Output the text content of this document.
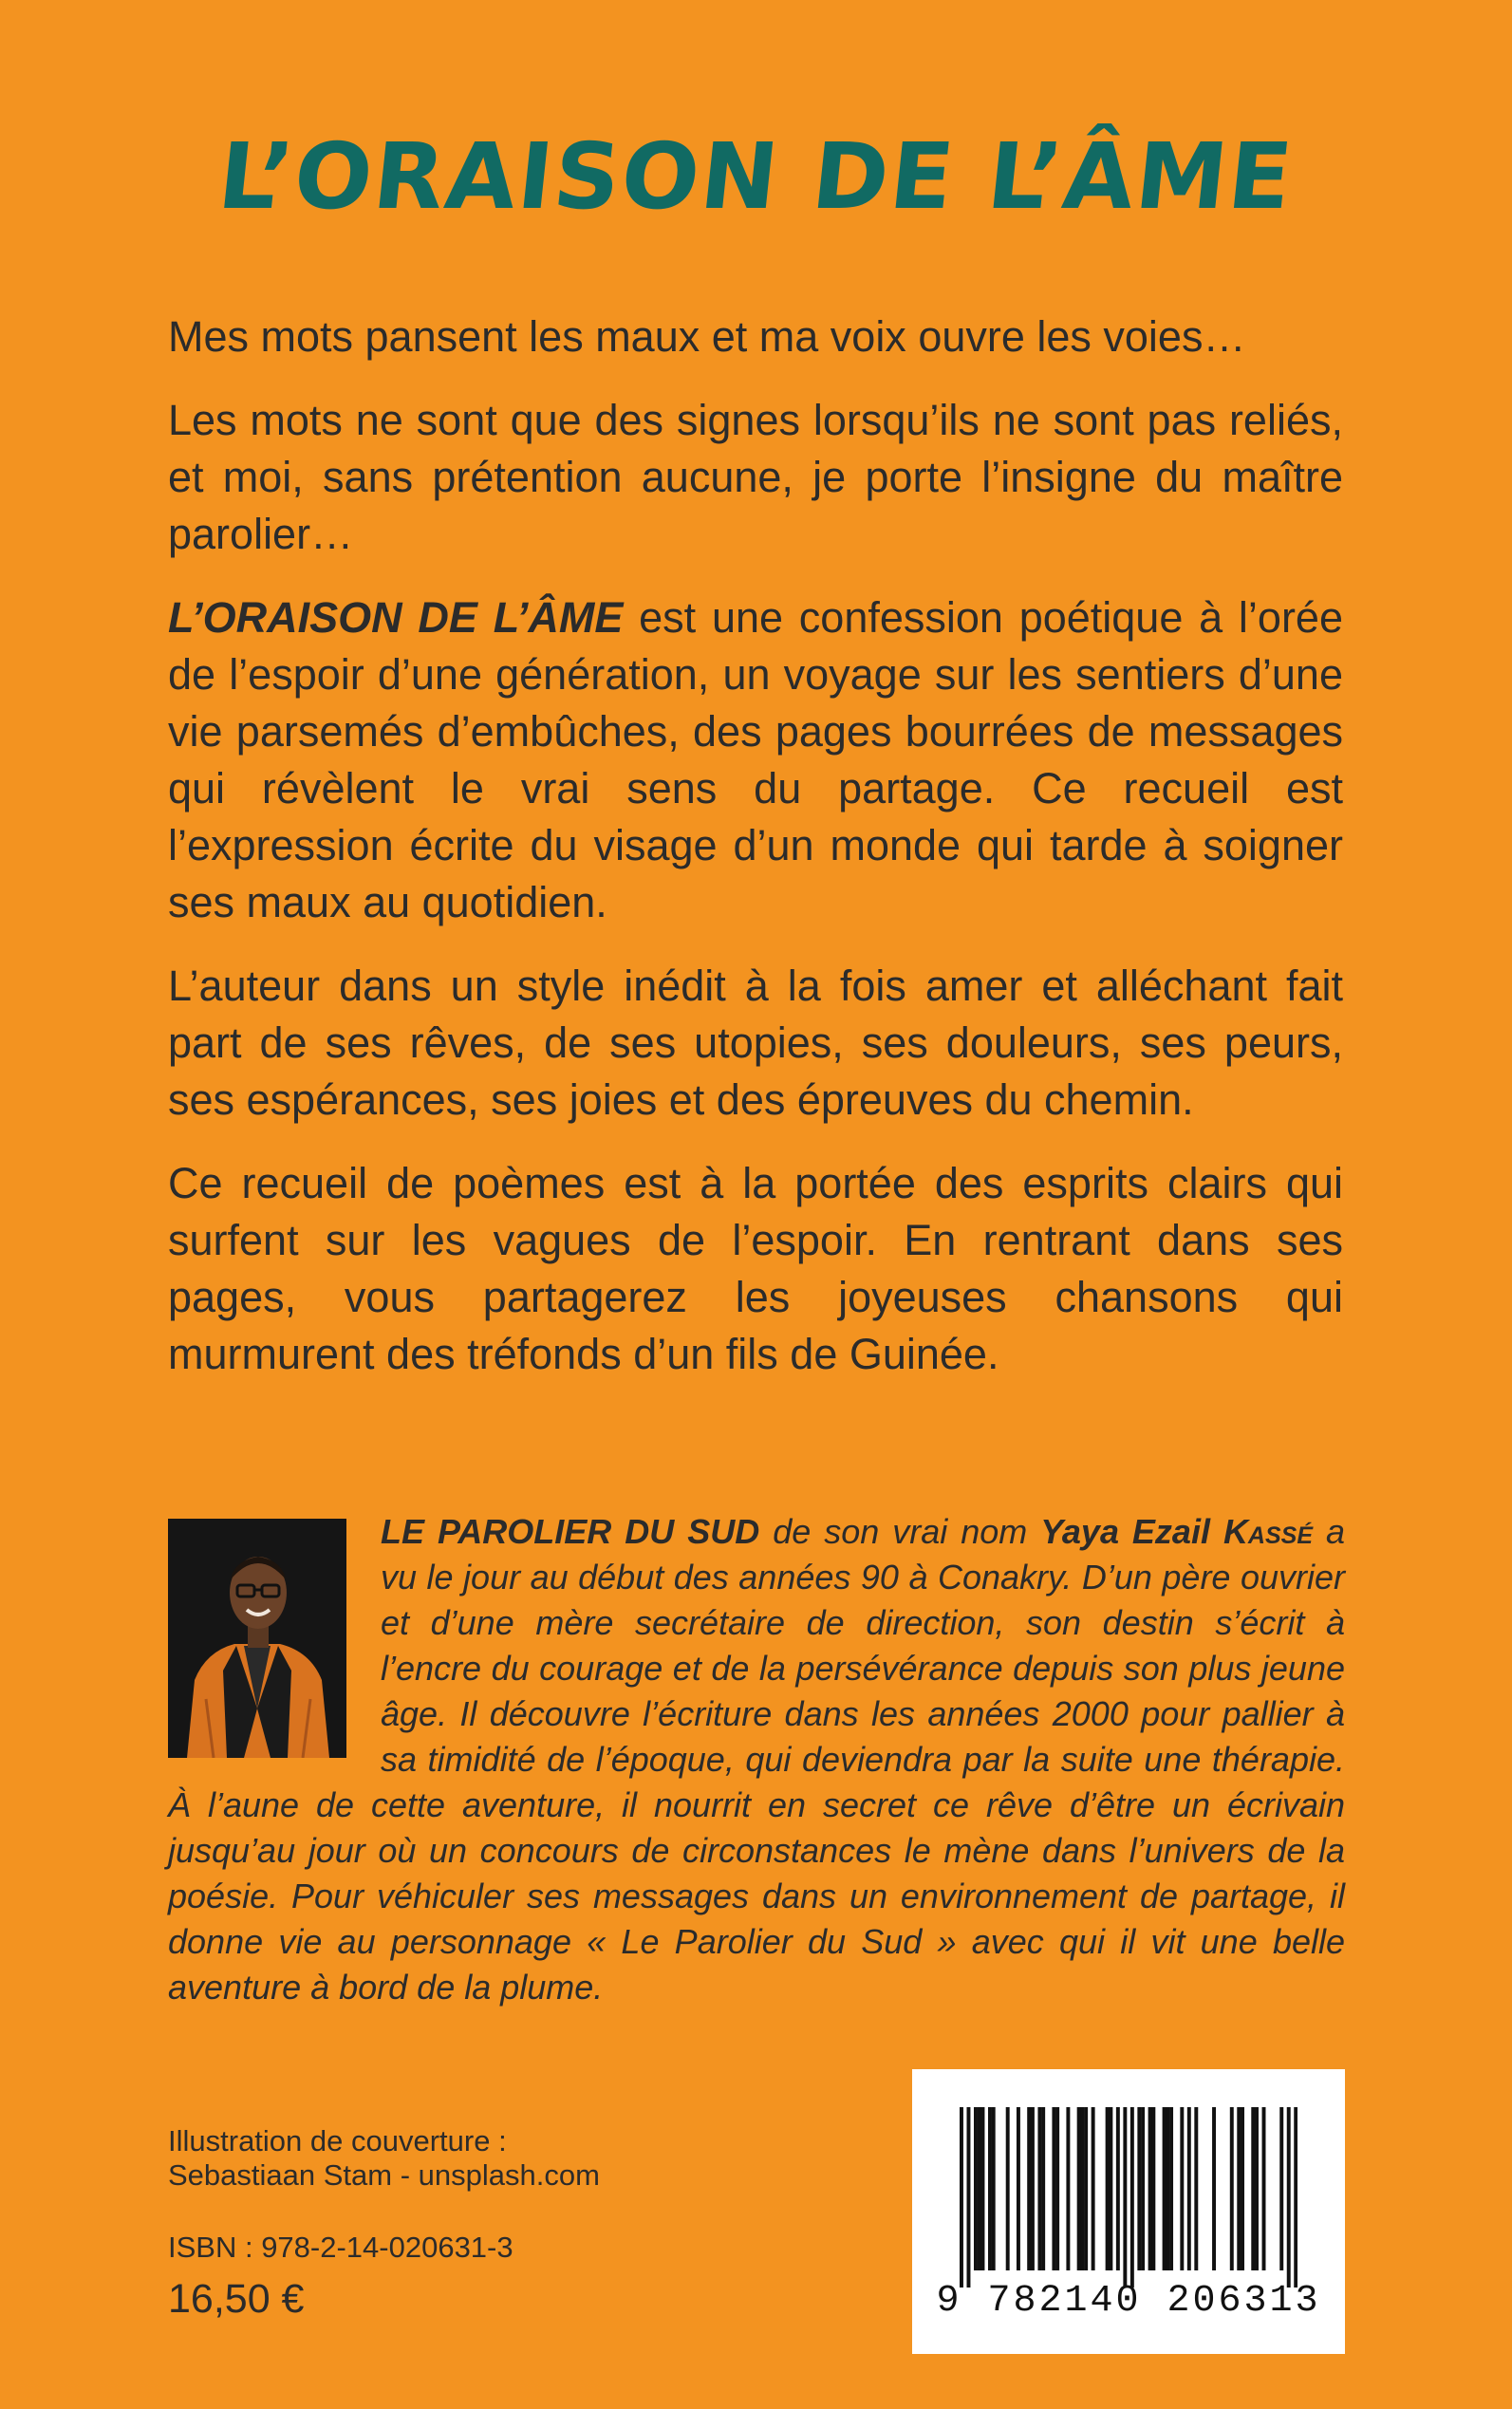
L’ORAISON DE L’ÂME

Mes mots pansent les maux et ma voix ouvre les voies…

Les mots ne sont que des signes lorsqu’ils ne sont pas reliés, et moi, sans prétention aucune, je porte l’insigne du maître parolier…

L’ORAISON DE L’ÂME est une confession poétique à l’orée de l’espoir d’une génération, un voyage sur les sentiers d’une vie parsemés d’embûches, des pages bourrées de messages qui révèlent le vrai sens du partage. Ce recueil est l’expression écrite du visage d’un monde qui tarde à soigner ses maux au quotidien.

L’auteur dans un style inédit à la fois amer et alléchant fait part de ses rêves, de ses utopies, ses douleurs, ses peurs, ses espérances, ses joies et des épreuves du chemin.

Ce recueil de poèmes est à la portée des esprits clairs qui surfent sur les vagues de l’espoir. En rentrant dans ses pages, vous partagerez les joyeuses chansons qui murmurent des tréfonds d’un fils de Guinée.

LE PAROLIER DU SUD de son vrai nom Yaya Ezail Kassé a vu le jour au début des années 90 à Conakry. D’un père ouvrier et d’une mère secrétaire de direction, son destin s’écrit à l’encre du courage et de la persévérance depuis son plus jeune âge. Il découvre l’écriture dans les années 2000 pour pallier à sa timidité de l’époque, qui deviendra par la suite une thérapie. À l’aune de cette aventure, il nourrit en secret ce rêve d’être un écrivain jusqu’au jour où un concours de circonstances le mène dans l’univers de la poésie. Pour véhiculer ses messages dans un environnement de partage, il donne vie au personnage « Le Parolier du Sud » avec qui il vit une belle aventure à bord de la plume.
Illustration de couverture :
Sebastiaan Stam - unsplash.com
ISBN : 978-2-14-020631-3
16,50 €	9 782140 206313
